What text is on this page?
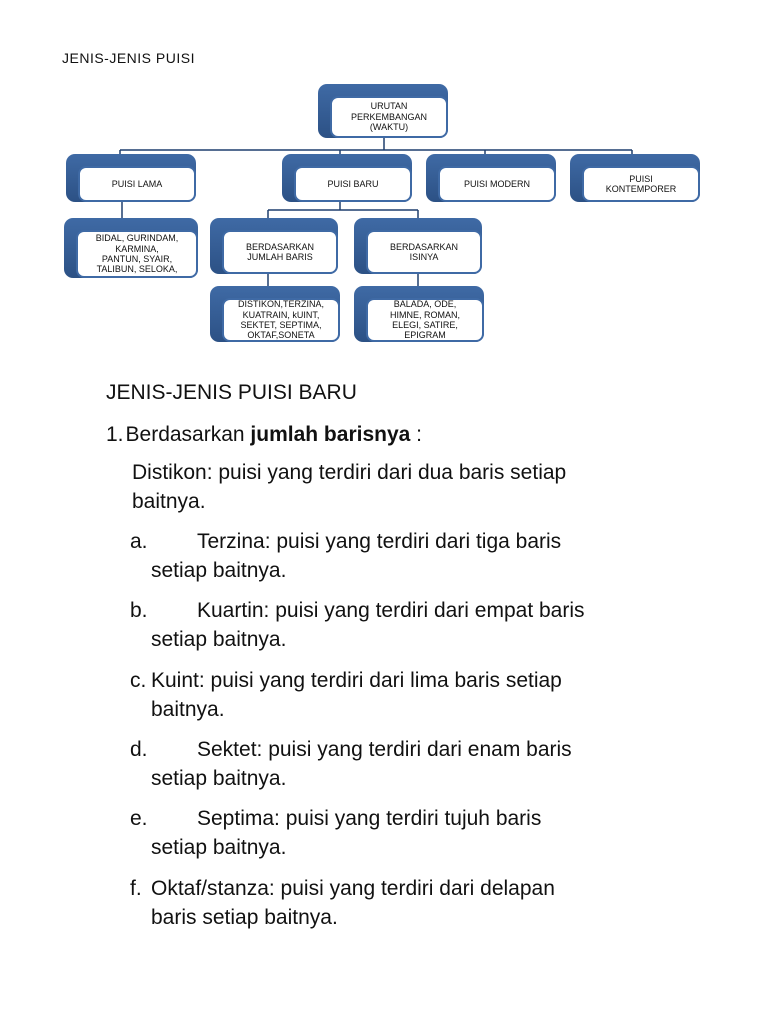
JENIS-JENIS PUISI
URUTAN
PERKEMBANGAN
(WAKTU)
PUISI LAMA	PUISI BARU	PUISI MODERN
PUISI
KONTEMPORER
BIDAL, GURINDAM,
KARMINA,
PANTUN, SYAIR,
TALIBUN, SELOKA,
BERDASARKAN
JUMLAH BARIS
BERDASARKAN
ISINYA
DISTIKON,TERZINA,
KUATRAIN, kUINT,
SEKTET, SEPTIMA,
OKTAF,SONETA
BALADA, ODE,
HIMNE, ROMAN,
ELEGI, SATIRE,
EPIGRAM
JENIS-JENIS PUISI BARU
1.Berdasarkan jumlah barisnya :
Distikon: puisi yang terdiri dari dua baris setiap
baitnya.
a. Terzina: puisi yang terdiri dari tiga baris
setiap baitnya.
b. Kuartin: puisi yang terdiri dari empat baris
setiap baitnya.
c. Kuint: puisi yang terdiri dari lima baris setiap
baitnya.
d. Sektet: puisi yang terdiri dari enam baris
setiap baitnya.
e. Septima: puisi yang terdiri tujuh baris
setiap baitnya.
f. Oktaf/stanza: puisi yang terdiri dari delapan
baris setiap baitnya.
